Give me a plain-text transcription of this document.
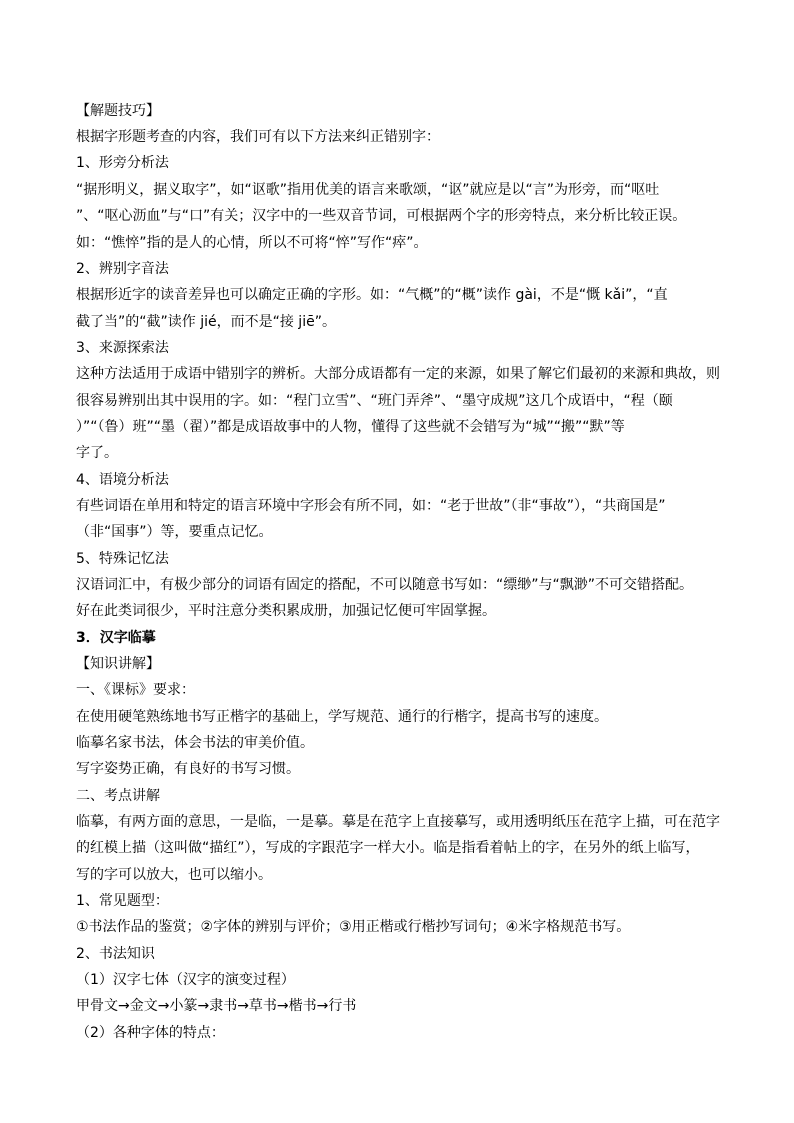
【解题技巧】
根据字形题考查的内容，我们可有以下方法来纠正错别字：
1、形旁分析法
“据形明义，据义取字”，如“讴歌”指用优美的语言来歌颂，“讴”就应是以“言”为形旁，而“呕吐
”、“呕心沥血”与“口”有关；汉字中的一些双音节词，可根据两个字的形旁特点，来分析比较正误。
如：“憔悴”指的是人的心情，所以不可将“悴”写作“瘁”。
2、辨别字音法
根据形近字的读音差异也可以确定正确的字形。如：“气概”的“概”读作 gài，不是“慨 kǎi”，“直
截了当”的“截”读作 jié，而不是“接 jiē”。
3、来源探索法
这种方法适用于成语中错别字的辨析。大部分成语都有一定的来源，如果了解它们最初的来源和典故，则
很容易辨别出其中误用的字。如：“程门立雪”、“班门弄斧”、“墨守成规”这几个成语中，“程（颐
）”“（鲁）班”“墨（翟）”都是成语故事中的人物，懂得了这些就不会错写为“城”“搬”“默”等
字了。
4、语境分析法
有些词语在单用和特定的语言环境中字形会有所不同，如：“老于世故”（非“事故”），“共商国是”
（非“国事”）等，要重点记忆。
5、特殊记忆法
汉语词汇中，有极少部分的词语有固定的搭配，不可以随意书写如：“缥缈”与“飘渺”不可交错搭配。
好在此类词很少，平时注意分类积累成册，加强记忆便可牢固掌握。
3．汉字临摹
【知识讲解】
一、《课标》要求：
在使用硬笔熟练地书写正楷字的基础上，学写规范、通行的行楷字，提高书写的速度。
临摹名家书法，体会书法的审美价值。
写字姿势正确，有良好的书写习惯。
二、考点讲解
临摹，有两方面的意思，一是临，一是摹。摹是在范字上直接摹写，或用透明纸压在范字上描，可在范字
的红模上描（这叫做“描红”），写成的字跟范字一样大小。临是指看着帖上的字，在另外的纸上临写，
写的字可以放大，也可以缩小。
1、常见题型：
①书法作品的鉴赏；②字体的辨别与评价；③用正楷或行楷抄写词句；④米字格规范书写。
2、书法知识
（1）汉字七体（汉字的演变过程）
甲骨文→金文→小篆→隶书→草书→楷书→行书
（2）各种字体的特点：
